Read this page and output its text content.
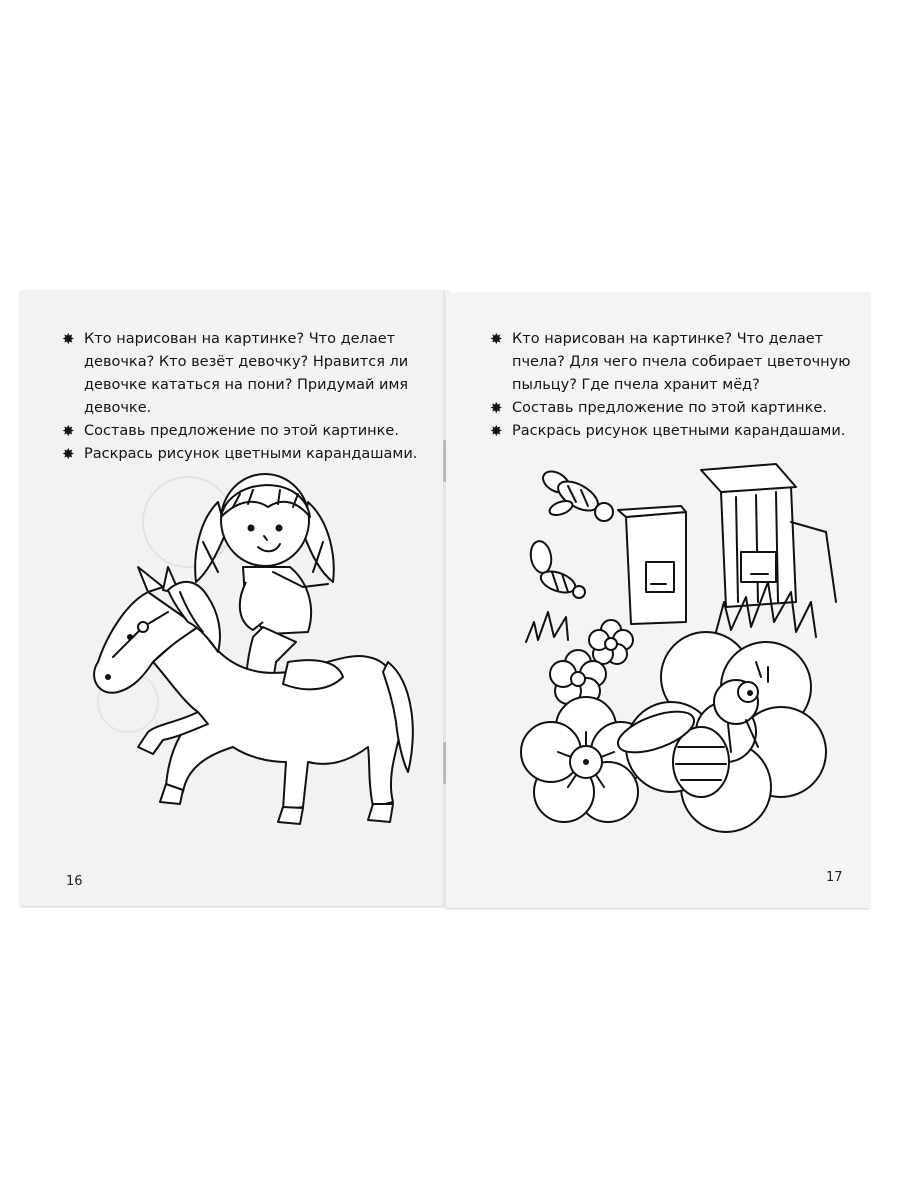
✸ Кто нарисован на картинке? Что делает девочка? Кто везёт девочку? Нравится ли девочке кататься на пони? Придумай имя девочке.
✸ Составь предложение по этой картинке.
✸ Раскрась рисунок цветными карандашами.
16
✸ Кто нарисован на картинке? Что делает пчела? Для чего пчела собирает цветочную пыльцу? Где пчела хранит мёд?
✸ Составь предложение по этой картинке.
✸ Раскрась рисунок цветными карандашами.
17
